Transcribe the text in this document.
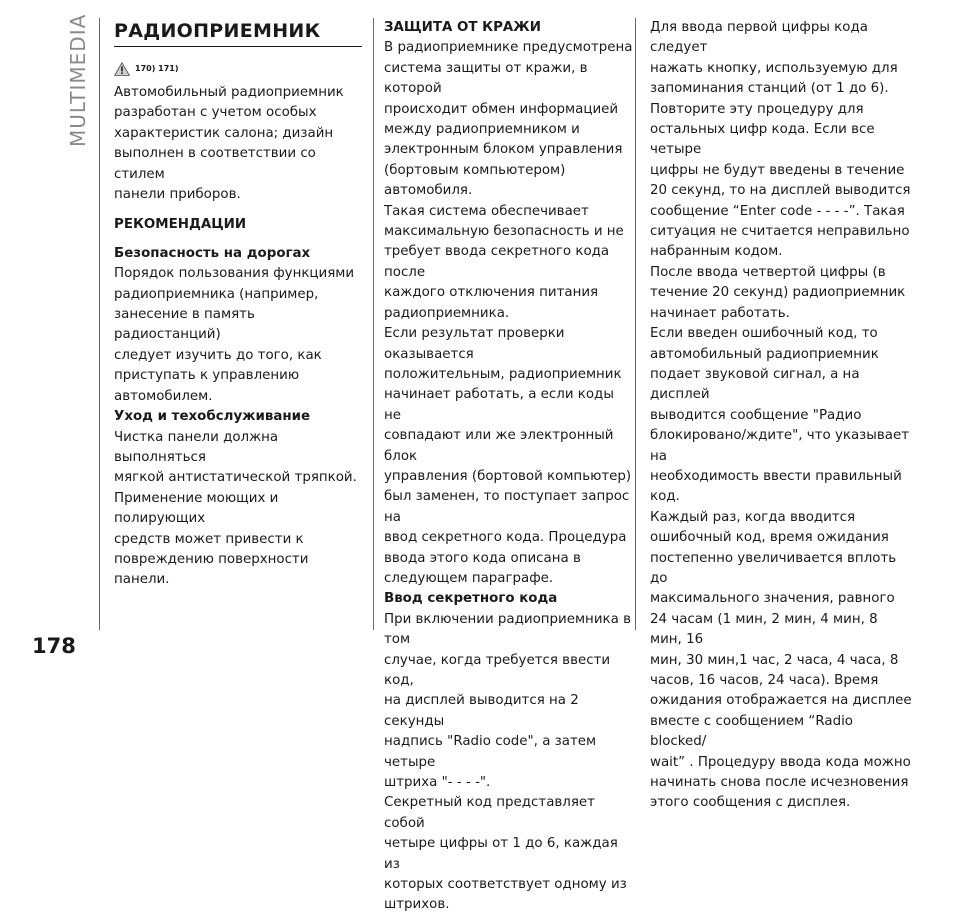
MULTIMEDIA РАДИОПРИЕМНИК
170) 171)

Автомобильный радиоприемник

разработан с учетом особых

характеристик салона; дизайн

выполнен в соответствии со стилем

панели приборов.

РЕКОМЕНДАЦИИ

Безопасность на дорогах

Порядок пользования функциями

радиоприемника (например,

занесение в память радиостанций)

следует изучить до того, как

приступать к управлению

автомобилем.

Уход и техобслуживание

Чистка панели должна выполняться

мягкой антистатической тряпкой.

Применение моющих и полирующих

средств может привести к

повреждению поверхности панели.

ЗАЩИТА ОТ КРАЖИ

В радиоприемнике предусмотрена

система защиты от кражи, в которой

происходит обмен информацией

между радиоприемником и

электронным блоком управления

(бортовым компьютером) автомобиля.

Такая система обеспечивает

максимальную безопасность и не

требует ввода секретного кода после

каждого отключения питания

радиоприемника.

Если результат проверки оказывается

положительным, радиоприемник

начинает работать, а если коды не

совпадают или же электронный блок

управления (бортовой компьютер)

был заменен, то поступает запрос на

ввод секретного кода. Процедура

ввода этого кода описана в

следующем параграфе.

Ввод секретного кода

При включении радиоприемника в том

случае, когда требуется ввести код,

на дисплей выводится на 2 секунды

надпись "Radio code", а затем четыре

штриха "- - - -".

Секретный код представляет собой

четыре цифры от 1 до 6, каждая из

которых соответствует одному из

штрихов.

Для ввода первой цифры кода следует

нажать кнопку, используемую для

запоминания станций (от 1 до 6).

Повторите эту процедуру для

остальных цифр кода. Если все четыре

цифры не будут введены в течение

20 секунд, то на дисплей выводится

сообщение “Enter code - - - -”. Такая

ситуация не считается неправильно

набранным кодом.

После ввода четвертой цифры (в

течение 20 секунд) радиоприемник

начинает работать.

Если введен ошибочный код, то

автомобильный радиоприемник

подает звуковой сигнал, а на дисплей

выводится сообщение "Радио

блокировано/ждите", что указывает на

необходимость ввести правильный

код.

Каждый раз, когда вводится

ошибочный код, время ожидания

постепенно увеличивается вплоть до

максимального значения, равного

24 часам (1 мин, 2 мин, 4 мин, 8 мин, 16

мин, 30 мин,1 час, 2 часа, 4 часа, 8

часов, 16 часов, 24 часа). Время

ожидания отображается на дисплее

вместе с сообщением “Radio blocked/

wait” . Процедуру ввода кода можно

начинать снова после исчезновения

этого сообщения с дисплея.

178
